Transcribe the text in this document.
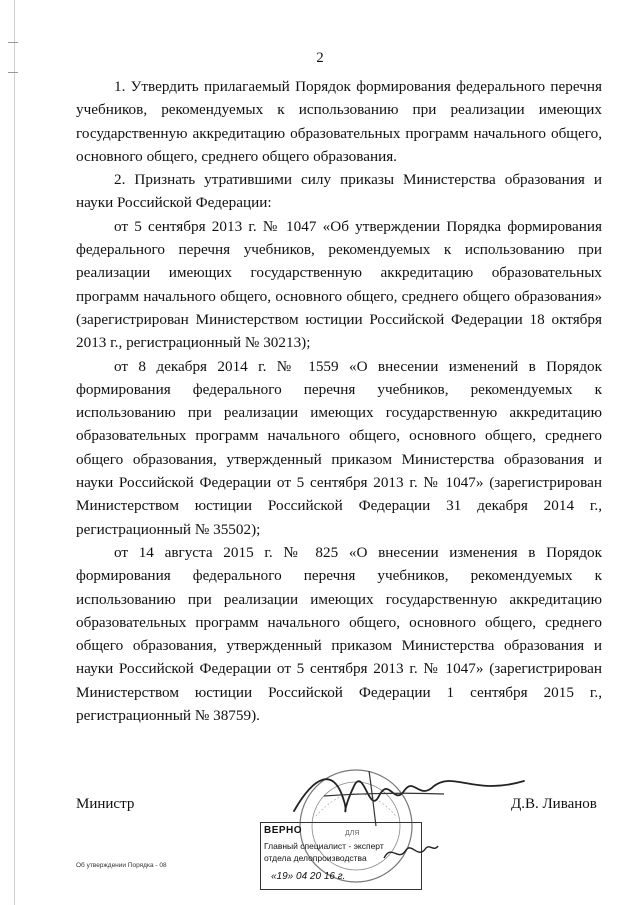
2

1. Утвердить прилагаемый Порядок формирования федерального перечня учебников, рекомендуемых к использованию при реализации имеющих государственную аккредитацию образовательных программ начального общего, основного общего, среднего общего образования.

2. Признать утратившими силу приказы Министерства образования и науки Российской Федерации:

от 5 сентября 2013 г. № 1047 «Об утверждении Порядка формирования федерального перечня учебников, рекомендуемых к использованию при реализации имеющих государственную аккредитацию образовательных программ начального общего, основного общего, среднего общего образования» (зарегистрирован Министерством юстиции Российской Федерации 18 октября 2013 г., регистрационный № 30213);

от 8 декабря 2014 г. № 1559 «О внесении изменений в Порядок формирования федерального перечня учебников, рекомендуемых к использованию при реализации имеющих государственную аккредитацию образовательных программ начального общего, основного общего, среднего общего образования, утвержденный приказом Министерства образования и науки Российской Федерации от 5 сентября 2013 г. № 1047» (зарегистрирован Министерством юстиции Российской Федерации 31 декабря 2014 г., регистрационный № 35502);

от 14 августа 2015 г. № 825 «О внесении изменения в Порядок формирования федерального перечня учебников, рекомендуемых к использованию при реализации имеющих государственную аккредитацию образовательных программ начального общего, основного общего, среднего общего образования, утвержденный приказом Министерства образования и науки Российской Федерации от 5 сентября 2013 г. № 1047» (зарегистрирован Министерством юстиции Российской Федерации 1 сентября 2015 г., регистрационный № 38759).

Министр	Д.В. Ливанов
ВЕРНО	ДЛЯ
Главный специалист - эксперт
отдела делопроизводства
«19» 04 20 16 г.
Об утверждении Порядка - 08
